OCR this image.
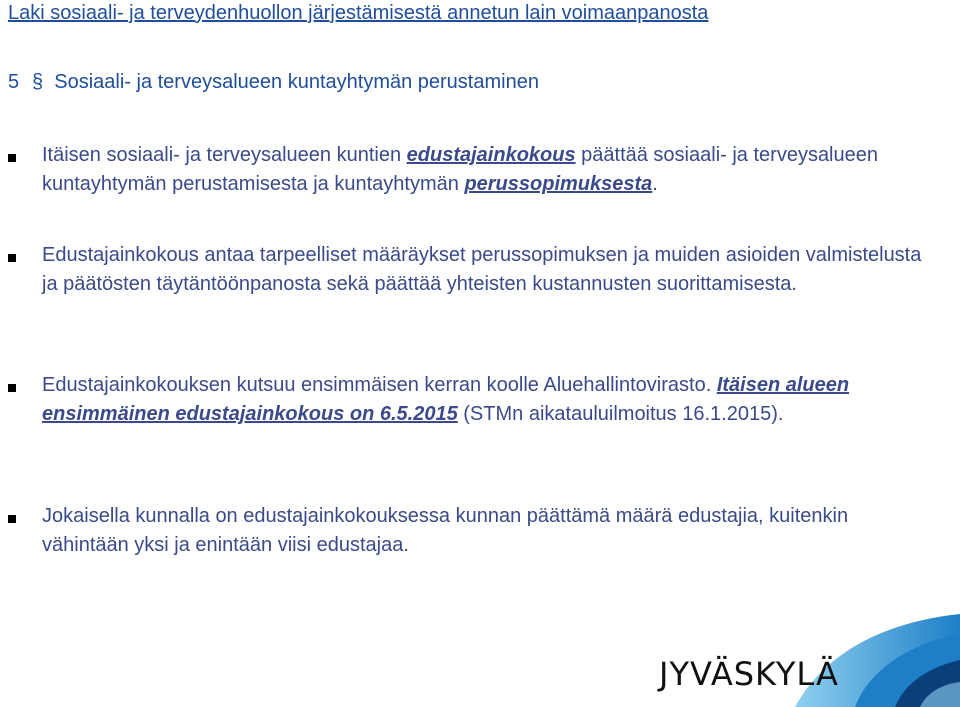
Laki sosiaali- ja terveydenhuollon järjestämisestä annetun lain voimaanpanosta
5 § Sosiaali- ja terveysalueen kuntayhtymän perustaminen
Itäisen sosiaali- ja terveysalueen kuntien edustajainkokous päättää sosiaali- ja terveysalueen kuntayhtymän perustamisesta ja kuntayhtymän perussopimuksesta.
Edustajainkokous antaa tarpeelliset määräykset perussopimuksen ja muiden asioiden valmistelusta ja päätösten täytäntöönpanosta sekä päättää yhteisten kustannusten suorittamisesta.
Edustajainkokouksen kutsuu ensimmäisen kerran koolle Aluehallintovirasto. Itäisen alueen ensimmäinen edustajainkokous on 6.5.2015 (STMn aikatauluilmoitus 16.1.2015).
Jokaisella kunnalla on edustajainkokouksessa kunnan päättämä määrä edustajia, kuitenkin vähintään yksi ja enintään viisi edustajaa.
JYVÄSKYLÄ
